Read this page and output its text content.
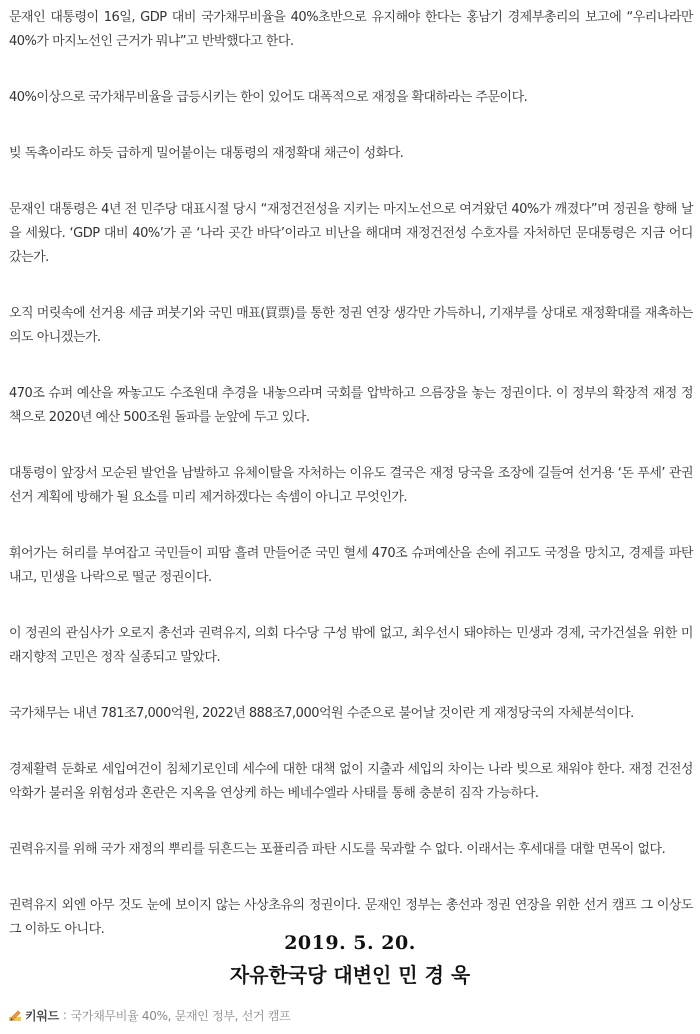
문재인 대통령이 16일, GDP 대비 국가채무비율을 40%초반으로 유지해야 한다는 홍남기 경제부총리의 보고에 “우리나라만 40%가 마지노선인 근거가 뭐냐”고 반박했다고 한다.

40%이상으로 국가채무비율을 급등시키는 한이 있어도 대폭적으로 재정을 확대하라는 주문이다.

빚 독촉이라도 하듯 급하게 밀어붙이는 대통령의 재정확대 채근이 성화다.

문재인 대통령은 4년 전 민주당 대표시절 당시 “재정건전성을 지키는 마지노선으로 여겨왔던 40%가 깨졌다”며 정권을 향해 날을 세웠다. ‘GDP 대비 40%’가 곧 ‘나라 곳간 바닥’이라고 비난을 해대며 재정건전성 수호자를 자처하던 문대통령은 지금 어디 갔는가.

오직 머릿속에 선거용 세금 퍼붓기와 국민 매표(買票)를 통한 정권 연장 생각만 가득하니, 기재부를 상대로 재정확대를 재촉하는 의도 아니겠는가.

470조 슈퍼 예산을 짜놓고도 수조원대 추경을 내놓으라며 국회를 압박하고 으름장을 놓는 정권이다. 이 정부의 확장적 재정 정책으로 2020년 예산 500조원 돌파를 눈앞에 두고 있다.

대통령이 앞장서 모순된 발언을 남발하고 유체이탈을 자처하는 이유도 결국은 재정 당국을 조장에 길들여 선거용 ‘돈 푸세’ 관권선거 계획에 방해가 될 요소를 미리 제거하겠다는 속셈이 아니고 무엇인가.

휘어가는 허리를 부여잡고 국민들이 피땀 흘려 만들어준 국민 혈세 470조 슈퍼예산을 손에 쥐고도 국정을 망치고, 경제를 파탄내고, 민생을 나락으로 떨군 정권이다.

이 정권의 관심사가 오로지 총선과 권력유지, 의회 다수당 구성 밖에 없고, 최우선시 돼야하는 민생과 경제, 국가건설을 위한 미래지향적 고민은 정작 실종되고 말았다.

국가채무는 내년 781조7,000억원, 2022년 888조7,000억원 수준으로 불어날 것이란 게 재정당국의 자체분석이다.

경제활력 둔화로 세입여건이 침체기로인데 세수에 대한 대책 없이 지출과 세입의 차이는 나라 빚으로 채워야 한다. 재정 건전성 악화가 불러올 위험성과 혼란은 지옥을 연상케 하는 베네수엘라 사태를 통해 충분히 짐작 가능하다.

권력유지를 위해 국가 재정의 뿌리를 뒤흔드는 포퓰리즘 파탄 시도를 묵과할 수 없다. 이래서는 후세대를 대할 면목이 없다.

권력유지 외엔 아무 것도 눈에 보이지 않는 사상초유의 정권이다. 문재인 정부는 총선과 정권 연장을 위한 선거 캠프 그 이상도 그 이하도 아니다.

2019. 5. 20.
자유한국당 대변인 민 경 욱
키워드 : 국가채무비율 40%, 문재인 정부, 선거 캠프
